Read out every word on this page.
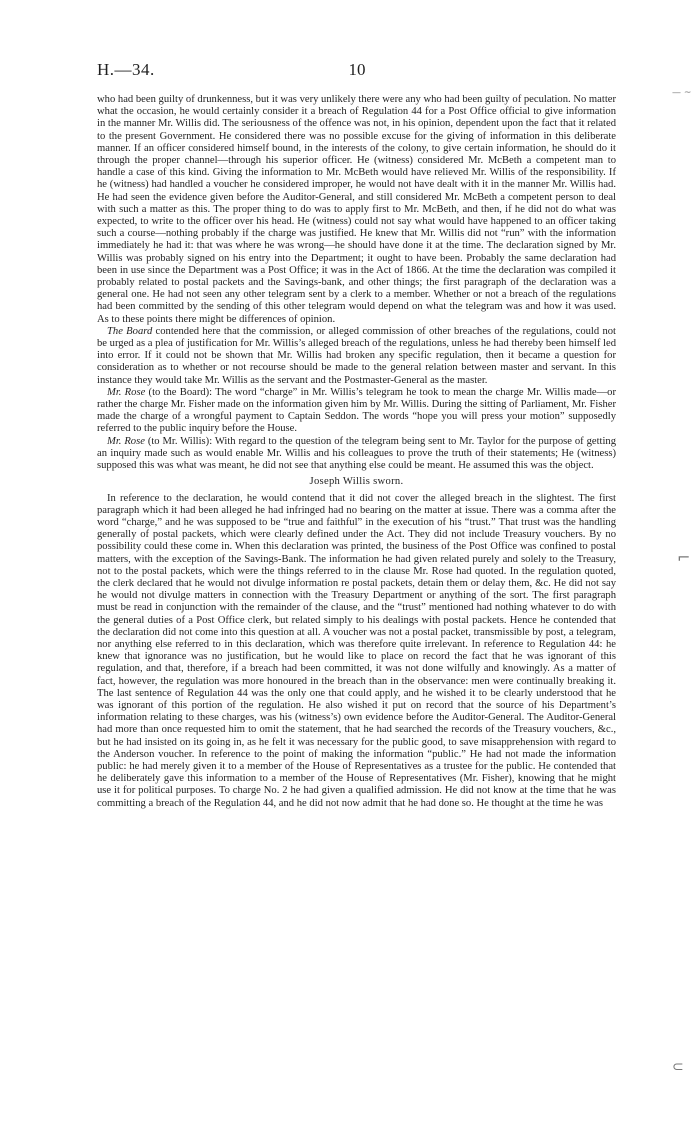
H.—34.	10

who had been guilty of drunkenness, but it was very unlikely there were any who had been guilty of peculation. No matter what the occasion, he would certainly consider it a breach of Regulation 44 for a Post Office official to give information in the manner Mr. Willis did. The seriousness of the offence was not, in his opinion, dependent upon the fact that it related to the present Government. He considered there was no possible excuse for the giving of information in this deliberate manner. If an officer considered himself bound, in the interests of the colony, to give certain information, he should do it through the proper channel—through his superior officer. He (witness) considered Mr. McBeth a competent man to handle a case of this kind. Giving the information to Mr. McBeth would have relieved Mr. Willis of the responsibility. If he (witness) had handled a voucher he considered improper, he would not have dealt with it in the manner Mr. Willis had. He had seen the evidence given before the Auditor-General, and still considered Mr. McBeth a competent person to deal with such a matter as this. The proper thing to do was to apply first to Mr. McBeth, and then, if he did not do what was expected, to write to the officer over his head. He (witness) could not say what would have happened to an officer taking such a course—nothing probably if the charge was justified. He knew that Mr. Willis did not “run” with the information immediately he had it: that was where he was wrong—he should have done it at the time. The declaration signed by Mr. Willis was probably signed on his entry into the Department; it ought to have been. Probably the same declaration had been in use since the Department was a Post Office; it was in the Act of 1866. At the time the declaration was compiled it probably related to postal packets and the Savings-bank, and other things; the first paragraph of the declaration was a general one. He had not seen any other telegram sent by a clerk to a member. Whether or not a breach of the regulations had been committed by the sending of this other telegram would depend on what the telegram was and how it was used. As to these points there might be differences of opinion.

The Board contended here that the commission, or alleged commission of other breaches of the regulations, could not be urged as a plea of justification for Mr. Willis’s alleged breach of the regulations, unless he had thereby been himself led into error. If it could not be shown that Mr. Willis had broken any specific regulation, then it became a question for consideration as to whether or not recourse should be made to the general relation between master and servant. In this instance they would take Mr. Willis as the servant and the Postmaster-General as the master.

Mr. Rose (to the Board): The word “charge” in Mr. Willis’s telegram he took to mean the charge Mr. Willis made—or rather the charge Mr. Fisher made on the information given him by Mr. Willis. During the sitting of Parliament, Mr. Fisher made the charge of a wrongful payment to Captain Seddon. The words “hope you will press your motion” supposedly referred to the public inquiry before the House.

Mr. Rose (to Mr. Willis): With regard to the question of the telegram being sent to Mr. Taylor for the purpose of getting an inquiry made such as would enable Mr. Willis and his colleagues to prove the truth of their statements; He (witness) supposed this was what was meant, he did not see that anything else could be meant. He assumed this was the object.

Joseph Willis sworn.

In reference to the declaration, he would contend that it did not cover the alleged breach in the slightest. The first paragraph which it had been alleged he had infringed had no bearing on the matter at issue. There was a comma after the word “charge,” and he was supposed to be “true and faithful” in the execution of his “trust.” That trust was the handling generally of postal packets, which were clearly defined under the Act. They did not include Treasury vouchers. By no possibility could these come in. When this declaration was printed, the business of the Post Office was confined to postal matters, with the exception of the Savings-Bank. The information he had given related purely and solely to the Treasury, not to the postal packets, which were the things referred to in the clause Mr. Rose had quoted. In the regulation quoted, the clerk declared that he would not divulge information re postal packets, detain them or delay them, &c. He did not say he would not divulge matters in connection with the Treasury Department or anything of the sort. The first paragraph must be read in conjunction with the remainder of the clause, and the “trust” mentioned had nothing whatever to do with the general duties of a Post Office clerk, but related simply to his dealings with postal packets. Hence he contended that the declaration did not come into this question at all. A voucher was not a postal packet, transmissible by post, a telegram, nor anything else referred to in this declaration, which was therefore quite irrelevant. In reference to Regulation 44: he knew that ignorance was no justification, but he would like to place on record the fact that he was ignorant of this regulation, and that, therefore, if a breach had been committed, it was not done wilfully and knowingly. As a matter of fact, however, the regulation was more honoured in the breach than in the observance: men were continually breaking it. The last sentence of Regulation 44 was the only one that could apply, and he wished it to be clearly understood that he was ignorant of this portion of the regulation. He also wished it put on record that the source of his Department’s information relating to these charges, was his (witness’s) own evidence before the Auditor-General. The Auditor-General had more than once requested him to omit the statement, that he had searched the records of the Treasury vouchers, &c., but he had insisted on its going in, as he felt it was necessary for the public good, to save misapprehension with regard to the Anderson voucher. In reference to the point of making the information “public.” He had not made the information public: he had merely given it to a member of the House of Representatives as a trustee for the public. He contended that he deliberately gave this information to a member of the House of Representatives (Mr. Fisher), knowing that he might use it for political purposes. To charge No. 2 he had given a qualified admission. He did not know at the time that he was committing a breach of the Regulation 44, and he did not now admit that he had done so. He thought at the time he was

— ~
⌐
⊂
